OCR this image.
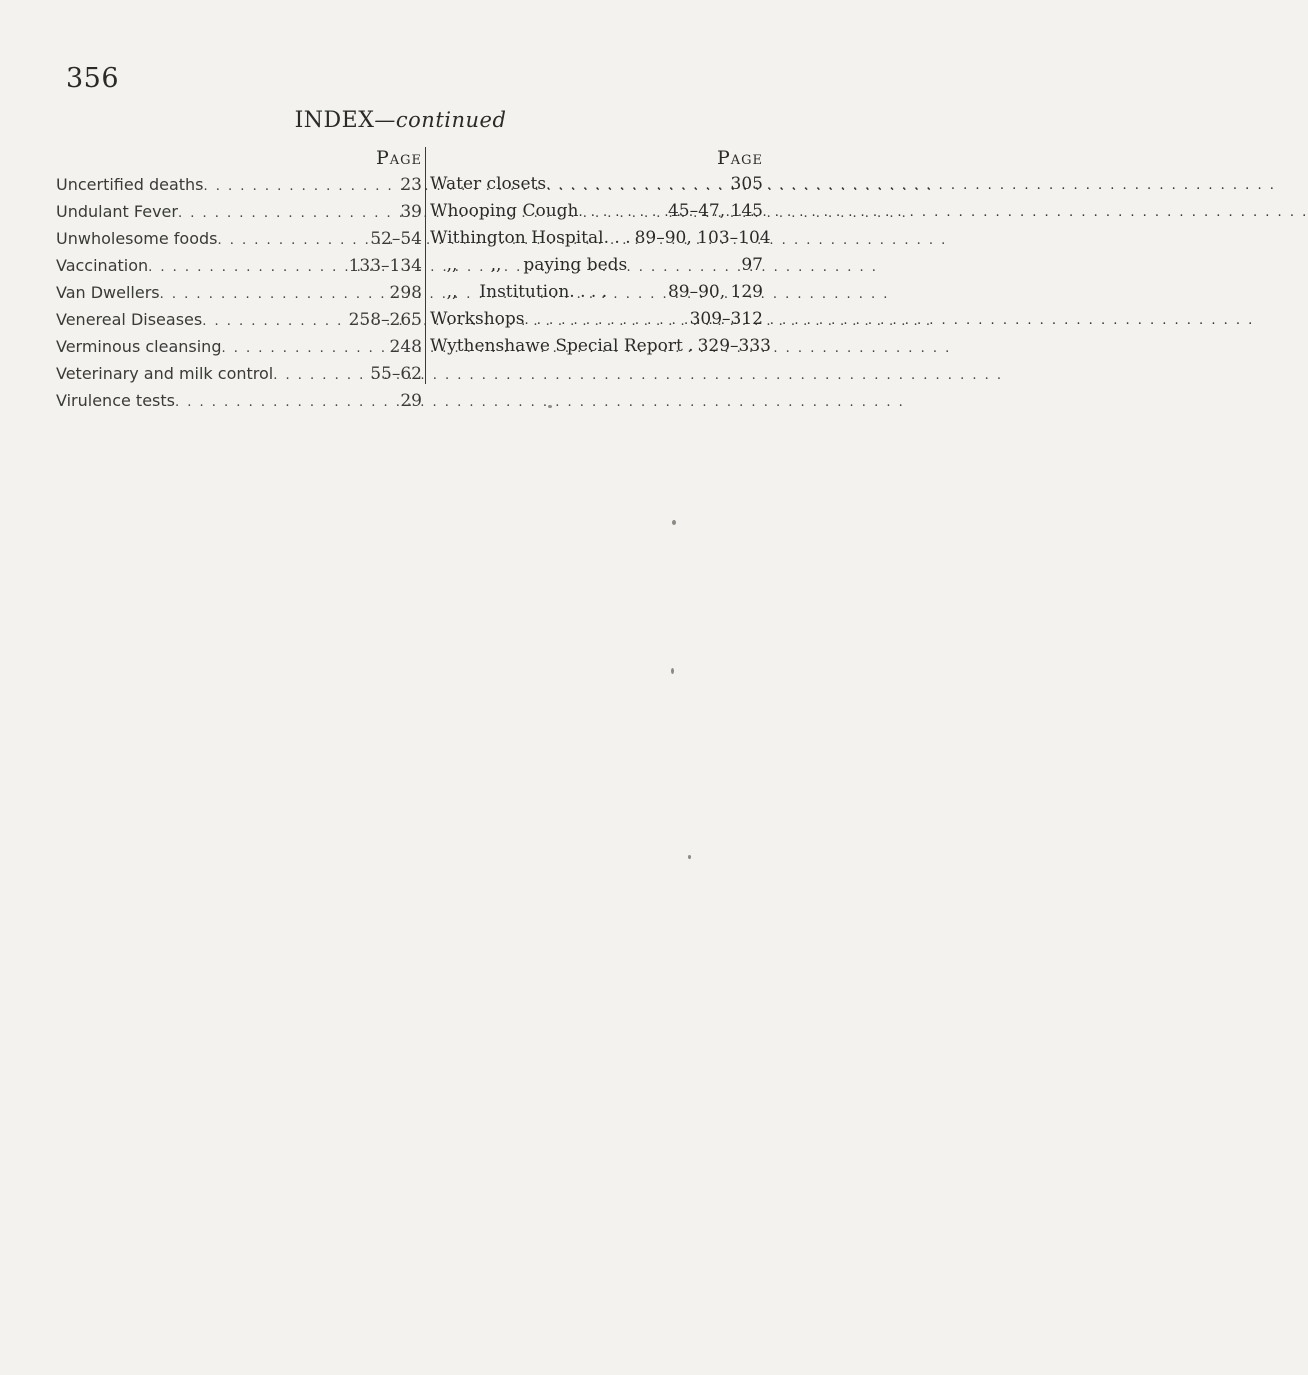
356
INDEX—continued
Page
Uncertified deaths . . .	23
Undulant Fever . . .	39
Unwholesome foods . . .	52–54
Vaccination . . .	133–134
Van Dwellers . . .	298
Venereal Diseases . . .	258–265
Verminous cleansing . . .	248
Veterinary and milk control . . .	55–62
Virulence tests . . .	29
Page
Water closets . . .	305
Whooping Cough . . .	45–47, 145
Withington Hospital. . . 89–90, 103–104
,, ,, paying beds	97
,, Institution. . . .	89–90, 129
Workshops . . .	309–312
Wythenshawe Special Report . 329–333
